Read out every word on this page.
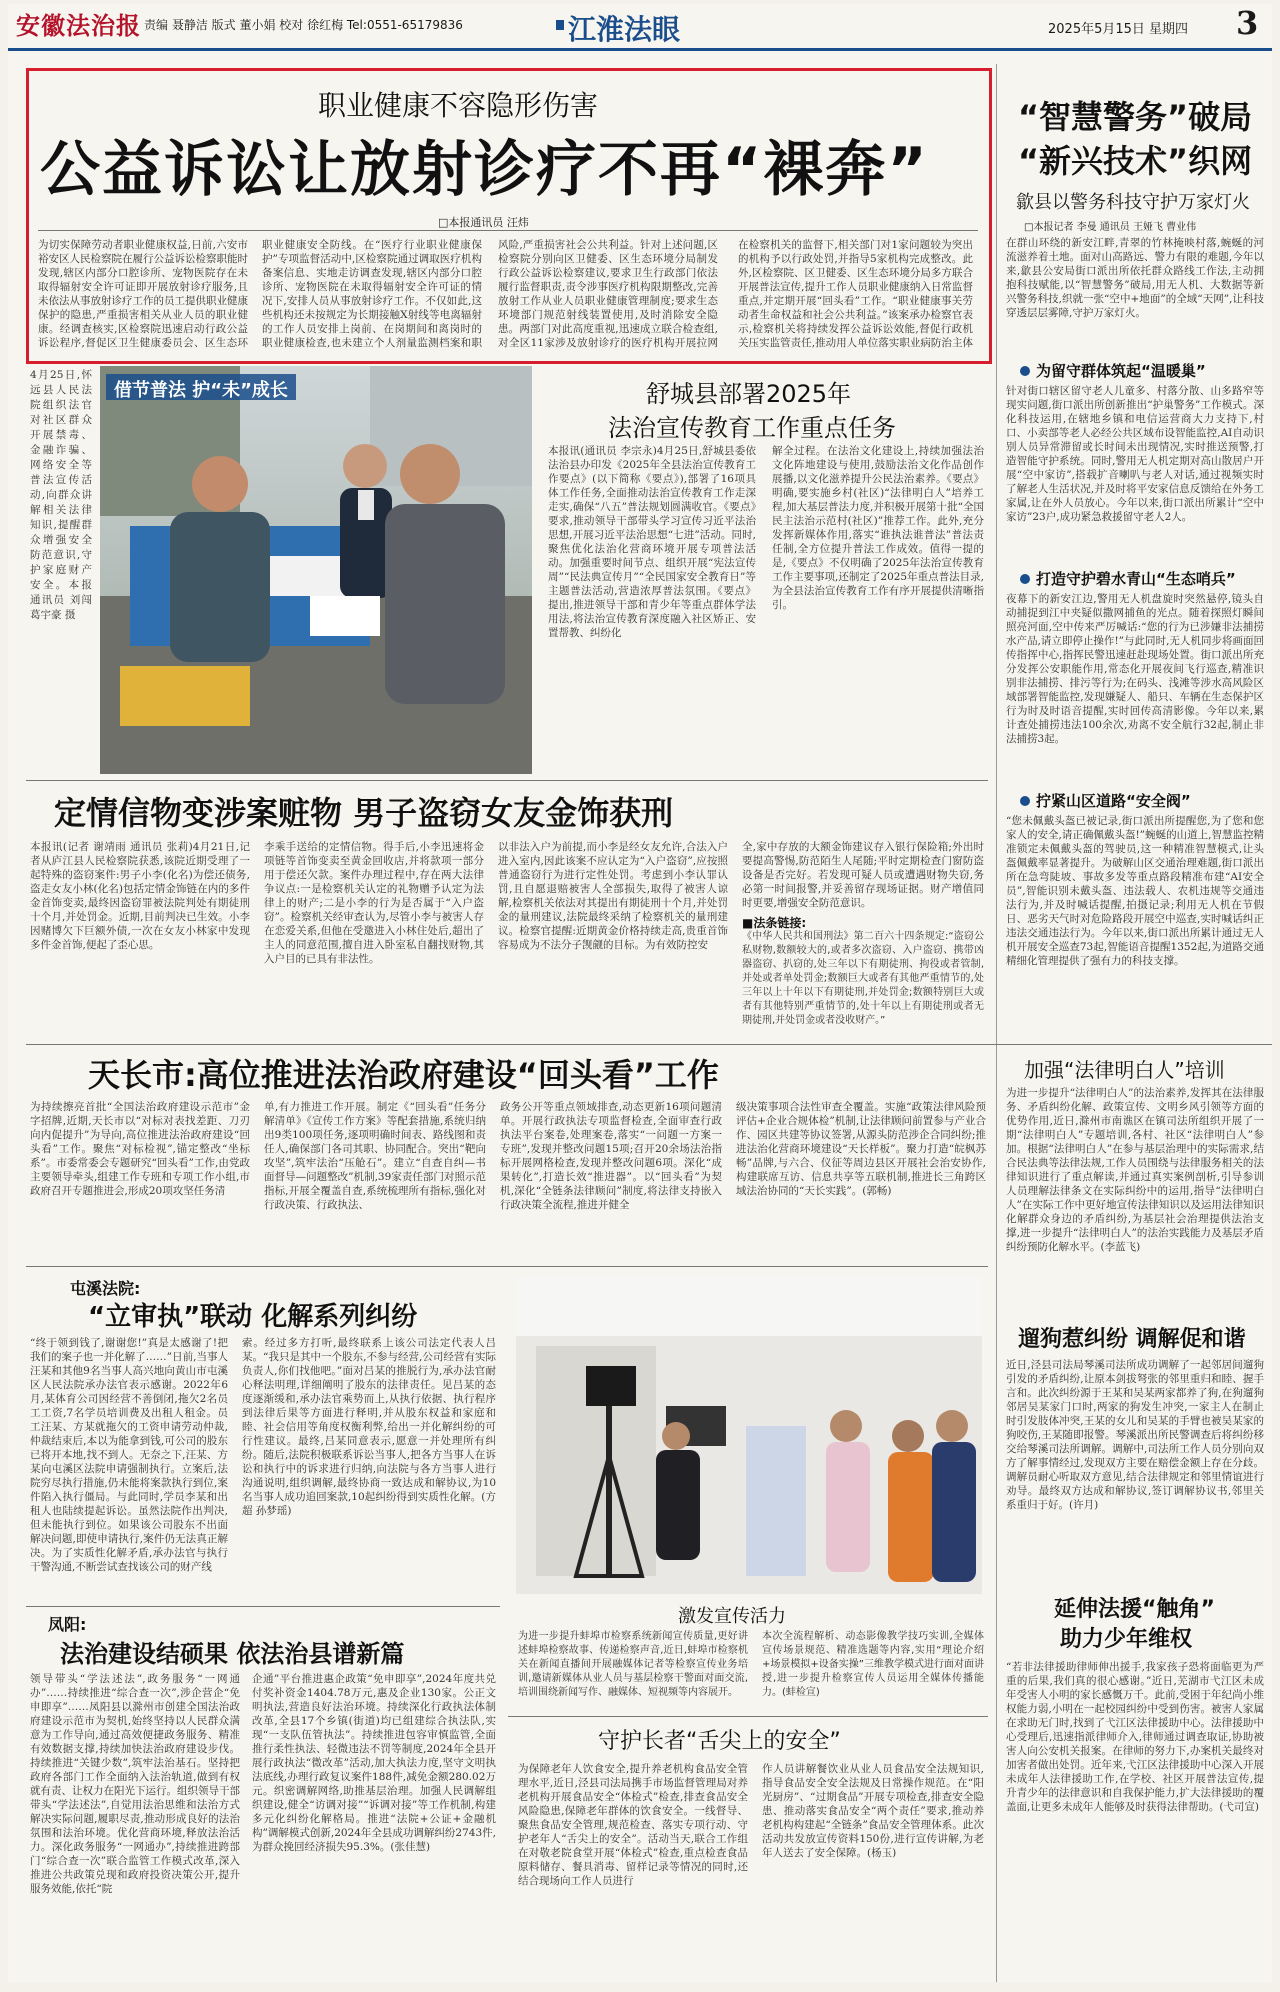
安徽法治报 责编 聂静洁 版式 董小娟 校对 徐红梅 Tel:0551-65179836	江淮法眼	2025年5月15日 星期四 3
职业健康不容隐形伤害
公益诉讼让放射诊疗不再“裸奔”
□本报通讯员 汪炜
为切实保障劳动者职业健康权益,日前,六安市裕安区人民检察院在履行公益诉讼检察职能时发现,辖区内部分口腔诊所、宠物医院存在未取得辐射安全许可证即开展放射诊疗服务,且未依法从事放射诊疗工作的员工提供职业健康保护的隐患,严重损害相关从业人员的职业健康。经调查核实,区检察院迅速启动行政公益诉讼程序,督促区卫生健康委员会、区生态环
职业健康安全防线。在“医疗行业职业健康保护”专项监督活动中,区检察院通过调取医疗机构备案信息、实地走访调查发现,辖区内部分口腔诊所、宠物医院在未取得辐射安全许可证的情况下,安排人员从事放射诊疗工作。不仅如此,这些机构还未按规定为长期接触X射线等电离辐射的工作人员安排上岗前、在岗期间和离岗时的职业健康检查,也未建立个人剂量监测档案和职
风险,严重损害社会公共利益。针对上述问题,区检察院分别向区卫健委、区生态环境分局制发行政公益诉讼检察建议,要求卫生行政部门依法履行监督职责,责令涉事医疗机构限期整改,完善放射工作从业人员职业健康管理制度;要求生态环境部门规范射线装置使用,及时消除安全隐患。两部门对此高度重视,迅速成立联合检查组,对全区11家涉及放射诊疗的医疗机构开展拉网
在检察机关的监督下,相关部门对1家问题较为突出的机构予以行政处罚,并指导5家机构完成整改。此外,区检察院、区卫健委、区生态环境分局多方联合开展普法宣传,提升工作人员职业健康纳入日常监督重点,并定期开展“回头看”工作。“职业健康事关劳动者生命权益和社会公共利益。”该案承办检察官表示,检察机关将持续发挥公益诉讼效能,督促行政机关压实监管责任,推动用人单位落实职业病防治主体
“智慧警务”破局
“新兴技术”织网
歙县以警务科技守护万家灯火
□本报记者 李曼 通讯员 王娅飞 曹业伟
在群山环绕的新安江畔,青翠的竹林掩映村落,蜿蜒的河流滋养着土地。面对山高路远、警力有限的难题,今年以来,歙县公安局街口派出所依托群众路线工作法,主动拥抱科技赋能,以“智慧警务”破局,用无人机、大数据等新兴警务科技,织就一张“空中+地面”的全域“天网”,让科技穿透层层雾障,守护万家灯火。
为留守群体筑起“温暖巢”
针对街口辖区留守老人儿童多、村落分散、山多路窄等现实问题,街口派出所创新推出“护巢警务”工作模式。深化科技运用,在辖地乡镇和电信运营商大力支持下,村口、小卖部等老人必经公共区域布设智能监控,AI自动识别人员异常滞留或长时间未出现情况,实时推送预警,打造智能守护系统。同时,警用无人机定期对高山散居户开展“空中家访”,搭载扩音喇叭与老人对话,通过视频实时了解老人生活状况,并及时将平安家信息反馈给在外务工家属,让在外人员放心。今年以来,街口派出所累计“空中家访”23户,成功紧急救援留守老人2人。
打造守护碧水青山“生态哨兵”
夜幕下的新安江边,警用无人机盘旋时突然悬停,镜头自动捕捉到江中夹疑似撒网捕鱼的光点。随着探照灯瞬间照亮河面,空中传来严厉喊话:“您的行为已涉嫌非法捕捞水产品,请立即停止操作!”与此同时,无人机同步将画面回传指挥中心,指挥民警迅速赶赴现场处置。街口派出所充分发挥公安职能作用,常态化开展夜间飞行巡查,精准识别非法捕捞、排污等行为;在码头、浅滩等涉水高风险区域部署智能监控,发现嫌疑人、船只、车辆在生态保护区行为时及时语音提醒,实时回传高清影像。今年以来,累计查处捕捞违法100余次,劝离不安全航行32起,制止非法捕捞3起。
拧紧山区道路“安全阀”
“您未佩戴头盔已被记录,街口派出所提醒您,为了您和您家人的安全,请正确佩戴头盔!”蜿蜒的山道上,智慧监控精准锁定未佩戴头盔的驾驶员,这一种精准智慧模式,让头盔佩戴率显著提升。为破解山区交通治理难题,街口派出所在急弯陡坡、事故多发等重点路段精准布建“AI安全员”,智能识别未戴头盔、违法载人、农机违规等交通违法行为,并及时喊话提醒,拍摄记录;利用无人机在节假日、恶劣天气时对危险路段开展空中巡查,实时喊话纠正违法交通违法行为。今年以来,街口派出所累计通过无人机开展安全巡查73起,智能语音提醒1352起,为道路交通精细化管理提供了强有力的科技支撑。
4月25日,怀远县人民法院组织法官对社区群众开展禁毒、金融诈骗、网络安全等普法宣传活动,向群众讲解相关法律知识,提醒群众增强安全防范意识,守护家庭财产安全。本报通讯员 刘闯 葛宇豪 摄
借节普法 护“未”成长	舒城县部署2025年
法治宣传教育工作重点任务
本报讯(通讯员 李宗永)4月25日,舒城县委依法治县办印发《2025年全县法治宣传教育工作要点》(以下简称《要点》),部署了16项具体工作任务,全面推动法治宣传教育工作走深走实,确保“八五”普法规划圆满收官。《要点》要求,推动领导干部带头学习宣传习近平法治思想,开展习近平法治思想“七进”活动。同时,聚焦优化法治化营商环境开展专项普法活动。加强重要时间节点、组织开展“宪法宣传周”“民法典宣传月”“全民国家安全教育日”等主题普法活动,营造浓厚普法氛围。《要点》提出,推进领导干部和青少年等重点群体学法用法,将法治宣传教育深度融入社区矫正、安置帮教、纠纷化
解全过程。在法治文化建设上,持续加强法治文化阵地建设与使用,鼓励法治文化作品创作展播,以文化滋养提升公民法治素养。《要点》明确,要实施乡村(社区)“法律明白人”培养工程,加大基层普法力度,并积极开展第十批“全国民主法治示范村(社区)”推荐工作。此外,充分发挥新媒体作用,落实“谁执法谁普法”普法责任制,全方位提升普法工作成效。值得一提的是,《要点》不仅明确了2025年法治宣传教育工作主要事项,还制定了2025年重点普法目录,为全县法治宣传教育工作有序开展提供清晰指引。
定情信物变涉案赃物 男子盗窃女友金饰获刑
本报讯(记者 谢靖雨 通讯员 张莉)4月21日,记者从庐江县人民检察院获悉,该院近期受理了一起特殊的盗窃案件:男子小李(化名)为偿还债务,盗走女友小林(化名)包括定情金饰链在内的多件金首饰变卖,最终因盗窃罪被法院判处有期徒刑十个月,并处罚金。近期,目前判决已生效。小李因赌博欠下巨额外债,一次在女友小林家中发现多件金首饰,便起了歪心思。
李乘手送给的定情信物。得手后,小李迅速将金项链等首饰变卖至黄金回收店,并将款项一部分用于偿还欠款。案件办理过程中,存在两大法律争议点:一是检察机关认定的礼物赠予认定为法律上的财产;二是小李的行为是否属于“入户盗窃”。检察机关经审查认为,尽管小李与被害人存在恋爱关系,但他在受邀进入小林住处后,超出了主人的同意范围,擅自进入卧室私自翻找财物,其入户目的已具有非法性。
以非法入户为前提,而小李是经女友允许,合法入户进入室内,因此该案不应认定为“入户盗窃”,应按照普通盗窃行为进行定性处罚。考虑到小李认罪认罚,且自愿退赔被害人全部损失,取得了被害人谅解,检察机关依法对其提出有期徒刑十个月,并处罚金的量刑建议,法院最终采纳了检察机关的量刑建议。检察官提醒:近期黄金价格持续走高,贵重首饰容易成为不法分子觊觎的目标。为有效防控安
全,家中存放的大额金饰建议存入银行保险箱;外出时要提高警惕,防范陌生人尾随;平时定期检查门窗防盗设备是否完好。若发现可疑人员或遭遇财物失窃,务必第一时间报警,并妥善留存现场证据。财产增值同时更要,增强安全防范意识。
■法条链接:
《中华人民共和国刑法》第二百六十四条规定:“盗窃公私财物,数额较大的,或者多次盗窃、入户盗窃、携带凶器盗窃、扒窃的,处三年以下有期徒刑、拘役或者管制,并处或者单处罚金;数额巨大或者有其他严重情节的,处三年以上十年以下有期徒刑,并处罚金;数额特别巨大或者有其他特别严重情节的,处十年以上有期徒刑或者无期徒刑,并处罚金或者没收财产。”
天长市:高位推进法治政府建设“回头看”工作
为持续擦亮首批“全国法治政府建设示范市”金字招牌,近期,天长市以“对标对表找差距、刀刃向内促提升”为导向,高位推进法治政府建设“回头看”工作。聚焦“对标检视”,锚定整改“坐标系”。市委常委会专题研究“回头看”工作,由党政主要领导牵头,组建工作专班和专项工作小组,市政府召开专题推进会,形成20项攻坚任务清
单,有力推进工作开展。制定《“回头看”任务分解清单》《宣传工作方案》等配套措施,系统归纳出9类100项任务,逐项明确时间表、路线图和责任人,确保部门各司其职、协同配合。突出“靶向攻坚”,筑牢法治“压舱石”。建立“自查自纠—书面督导—问题整改”机制,39家责任部门对照示范指标,开展全覆盖自查,系统梳理所有指标,强化对行政决策、行政执法、
政务公开等重点领域排查,动态更新16项问题清单。开展行政执法专项监督检查,全面审查行政执法平台案卷,处理案卷,落实“一问题一方案一专班”,发现并整改问题15项;召开20余场法治指标开展网格检查,发现并整改问题6项。深化“成果转化”,打造长效“推进器”。以“回头看”为契机,深化“全链条法律顾问”制度,将法律支持嵌入行政决策全流程,推进并健全
级决策事项合法性审查全覆盖。实施“政策法律风险预评估+企业合规体检”机制,让法律顾问前置参与产业合作、园区共建等协议签署,从源头防范涉企合同纠纷;推进法治化营商环境建设“天长样板”。聚力打造“皖枫苏畅”品牌,与六合、仪征等周边县区开展社会治安协作,构建联席互访、信息共享等五联机制,推进长三角跨区域法治协同的“天长实践”。(郭畅)
屯溪法院:
“立审执”联动 化解系列纠纷
“终于领到钱了,谢谢您!”真是太感谢了!把我们的案子也一并化解了……”日前,当事人汪某和其他9名当事人高兴地向黄山市屯溪区人民法院承办法官表示感谢。2022年6月,某体育公司因经营不善倒闭,拖欠2名员工工资,7名学员培训费及出租人租金。员工汪某、方某就拖欠的工资申请劳动仲裁,仲裁结束后,本以为能拿到钱,可公司的股东已将开本地,找不到人。无奈之下,汪某、方某向屯溪区法院申请强制执行。立案后,法院穷尽执行措施,仍未能将案款执行到位,案件陷入执行僵局。与此同时,学员李某和出租人也陆续提起诉讼。虽然法院作出判决,但未能执行到位。如果该公司股东不出面解决问题,即使申请执行,案件仍无法真正解决。为了实质性化解矛盾,承办法官与执行干警沟通,不断尝试查找该公司的财产线
索。经过多方打听,最终联系上该公司法定代表人吕某。“我只是其中一个股东,不参与经营,公司经营有实际负责人,你们找他吧。”面对吕某的推脱行为,承办法官耐心释法明理,详细阐明了股东的法律责任。见吕某的态度逐渐缓和,承办法官乘势而上,从执行依据、执行程序到法律后果等方面进行释明,并从股东权益和家庭和睦、社会信用等角度权衡利弊,给出一并化解纠纷的可行性建议。最终,吕某同意表示,愿意一并处理所有纠纷。随后,法院积极联系诉讼当事人,把各方当事人在诉讼和执行中的诉求进行归纳,向法院与各方当事人进行沟通说明,组织调解,最终协商一致达成和解协议,为10名当事人成功追回案款,10起纠纷得到实质性化解。(方超 孙梦瑶)
激发宣传活力
为进一步提升蚌埠市检察系统新闻宣传质量,更好讲述蚌埠检察故事、传递检察声音,近日,蚌埠市检察机关在新闻直播间开展融媒体记者等检察宣传业务培训,邀请新媒体从业人员与基层检察干警面对面交流,培训围绕新闻写作、融媒体、短视频等内容展开。
本次全流程解析、动态影像教学技巧实训,全媒体宣传场景规范、精准选题等内容,实用“理论介绍+场景模拟+设备实操”三维教学模式进行面对面讲授,进一步提升检察宣传人员运用全媒体传播能力。(蚌检宣)
凤阳:
法治建设结硕果 依法治县谱新篇
领导带头“学法述法”,政务服务“一网通办”……持续推进“综合查一次”,涉企营企“免申即享”……凤阳县以滁州市创建全国法治政府建设示范市为契机,始终坚持以人民群众满意为工作导向,通过高效便捷政务服务、精准有效数据支撑,持续加快法治政府建设步伐。持续推进“关键少数”,筑牢法治基石。坚持把政府各部门工作全面纳入法治轨道,做到有权就有责、让权力在阳光下运行。组织领导干部带头“学法述法”,自觉用法治思维和法治方式解决实际问题,履职尽责,推动形成良好的法治氛围和法治环境。优化营商环境,释放法治活力。深化政务服务“一网通办”,持续推进跨部门“综合查一次”联合监管工作模式改革,深入推进公共政策兑现和政府投资决策公开,提升服务效能,依托“院
企通”平台推进惠企政策“免申即享”,2024年度共兑付奖补资金1404.78万元,惠及企业130家。公正文明执法,营造良好法治环境。持续深化行政执法体制改革,全县17个乡镇(街道)均已组建综合执法队,实现“一支队伍管执法”。持续推进包容审慎监管,全面推行柔性执法、轻微违法不罚等制度,2024年全县开展行政执法“微改革”活动,加大执法力度,坚守文明执法底线,办理行政复议案件188件,减免金额280.02万元。织密调解网络,助推基层治理。加强人民调解组织建设,健全“访调对接”“诉调对接”等工作机制,构建多元化纠纷化解格局。推进“法院+公证+金融机构”调解模式创新,2024年全县成功调解纠纷2743件,为群众挽回经济损失95.3%。(张佳慧)
守护长者“舌尖上的安全”
为保障老年人饮食安全,提升养老机构食品安全管理水平,近日,泾县司法局携手市场监督管理局对养老机构开展食品安全“体检式”检查,排查食品安全风险隐患,保障老年群体的饮食安全。一线督导、聚焦食品安全管理,规范检查、落实专项行动、守护老年人“舌尖上的安全”。活动当天,联合工作组在对敬老院食堂开展“体检式”检查,重点检查食品原料储存、餐具消毒、留样记录等情况的同时,还结合现场向工作人员进行
作人员讲解餐饮业从业人员食品安全法规知识,指导食品安全安全法规及日常操作规范。在“阳光厨房”、“过期食品”开展专项检查,排查安全隐患、推动落实食品安全“两个责任”要求,推动养老机构构建起“全链条”食品安全管理体系。此次活动共发放宣传资料150份,进行宣传讲解,为老年人送去了安全保障。(杨玉)
加强“法律明白人”培训
为进一步提升“法律明白人”的法治素养,发挥其在法律服务、矛盾纠纷化解、政策宣传、文明乡风引领等方面的优势作用,近日,滁州市南谯区在镇司法所组织开展了一期“法律明白人”专题培训,各村、社区“法律明白人”参加。根据“法律明白人”在参与基层治理中的实际需求,结合民法典等法律法规,工作人员围绕与法律服务相关的法律知识进行了重点解读,并通过真实案例剖析,引导参训人员理解法律条文在实际纠纷中的运用,指导“法律明白人”在实际工作中更好地宣传法律知识以及运用法律知识化解群众身边的矛盾纠纷,为基层社会治理提供法治支撑,进一步提升“法律明白人”的法治实践能力及基层矛盾纠纷预防化解水平。(李蓝飞)
遛狗惹纠纷 调解促和谐
近日,泾县司法局琴溪司法所成功调解了一起邻居间遛狗引发的矛盾纠纷,让原本剑拔弩张的邻里重归和睦、握手言和。此次纠纷源于王某和吴某两家都养了狗,在狗遛狗邻居吴某家门口时,两家的狗发生冲突,一家主人在制止时引发肢体冲突,王某的女儿和吴某的手臂也被吴某家的狗咬伤,王某随即报警。琴溪派出所民警调查后将纠纷移交给琴溪司法所调解。调解中,司法所工作人员分别向双方了解事情经过,发现双方主要在赔偿金额上存在分歧。调解员耐心听取双方意见,结合法律规定和邻里情谊进行劝导。最终双方达成和解协议,签订调解协议书,邻里关系重归于好。(许月)
延伸法援“触角”
助力少年维权
“若非法律援助律师伸出援手,我家孩子恐将面临更为严重的后果,我们真的很心感谢。”近日,芜湖市弋江区未成年受害人小明的家长感慨万千。此前,受困于年纪尚小维权能力弱,小明在一起校园纠纷中受到伤害。被害人家属在求助无门时,找到了弋江区法律援助中心。法律援助中心受理后,迅速指派律师介入,律师通过调查取证,协助被害人向公安机关报案。在律师的努力下,办案机关最终对加害者做出处罚。近年来,弋江区法律援助中心深入开展未成年人法律援助工作,在学校、社区开展普法宣传,提升青少年的法律意识和自我保护能力,扩大法律援助的覆盖面,让更多未成年人能够及时获得法律帮助。(弋司宣)
